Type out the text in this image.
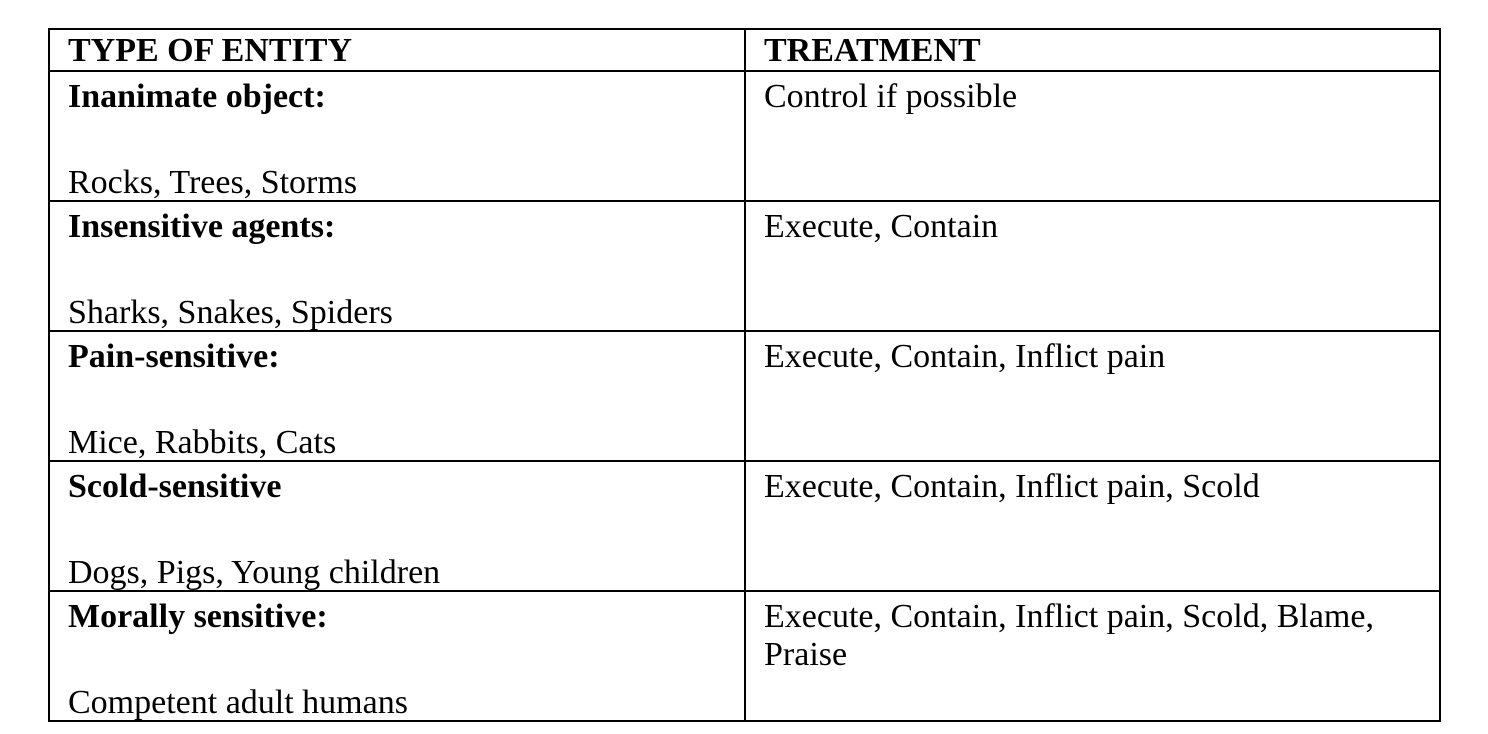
TYPE OF ENTITY	TREATMENT

Inanimate object:
Rocks, Trees, Storms	Control if possible

Insensitive agents:
Sharks, Snakes, Spiders	Execute, Contain

Pain-sensitive:
Mice, Rabbits, Cats	Execute, Contain, Inflict pain

Scold-sensitive
Dogs, Pigs, Young children	Execute, Contain, Inflict pain, Scold

Morally sensitive:
Competent adult humans	Execute, Contain, Inflict pain, Scold, Blame, Praise
